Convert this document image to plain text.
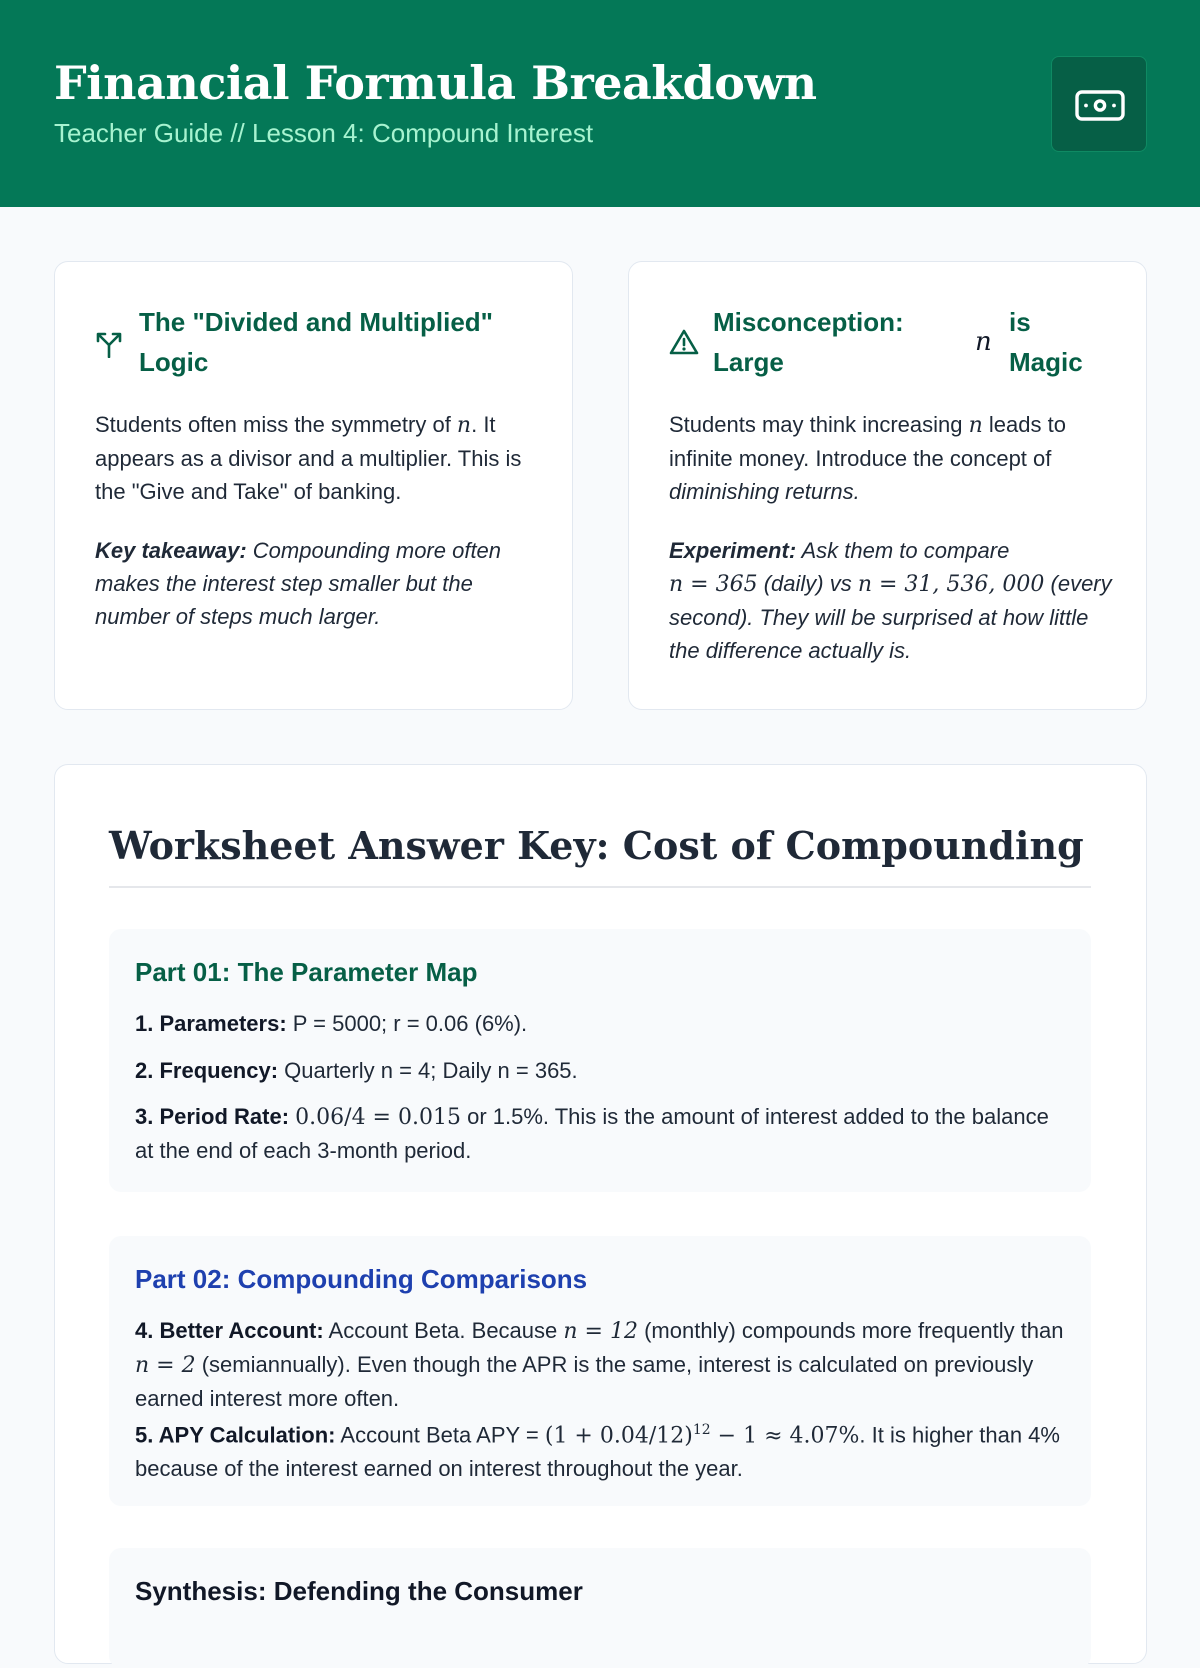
Financial Formula Breakdown
Teacher Guide // Lesson 4: Compound Interest
The "Divided and Multiplied" Logic
Students often miss the symmetry of n. It appears as a divisor and a multiplier. This is the "Give and Take" of banking.
Key takeaway: Compounding more often makes the interest step smaller but the number of steps much larger.
Misconception:
Large
n
is
Magic
Students may think increasing n leads to infinite money. Introduce the concept of diminishing returns.
Experiment: Ask them to compare
n = 365 (daily) vs n = 31, 536, 000 (every second). They will be surprised at how little the difference actually is.
Worksheet Answer Key: Cost of Compounding
Part 01: The Parameter Map
1. Parameters: P = 5000; r = 0.06 (6%).
2. Frequency: Quarterly n = 4; Daily n = 365.
3. Period Rate: 0.06/4 = 0.015 or 1.5%. This is the amount of interest added to the balance at the end of each 3-month period.
Part 02: Compounding Comparisons
4. Better Account: Account Beta. Because n = 12 (monthly) compounds more frequently than n = 2 (semiannually). Even though the APR is the same, interest is calculated on previously earned interest more often.
5. APY Calculation: Account Beta APY = $(1 + 0.04/12)^{12} - 1 \approx 4.07\%$. It is higher than 4% because of the interest earned on interest throughout the year.
Synthesis: Defending the Consumer
